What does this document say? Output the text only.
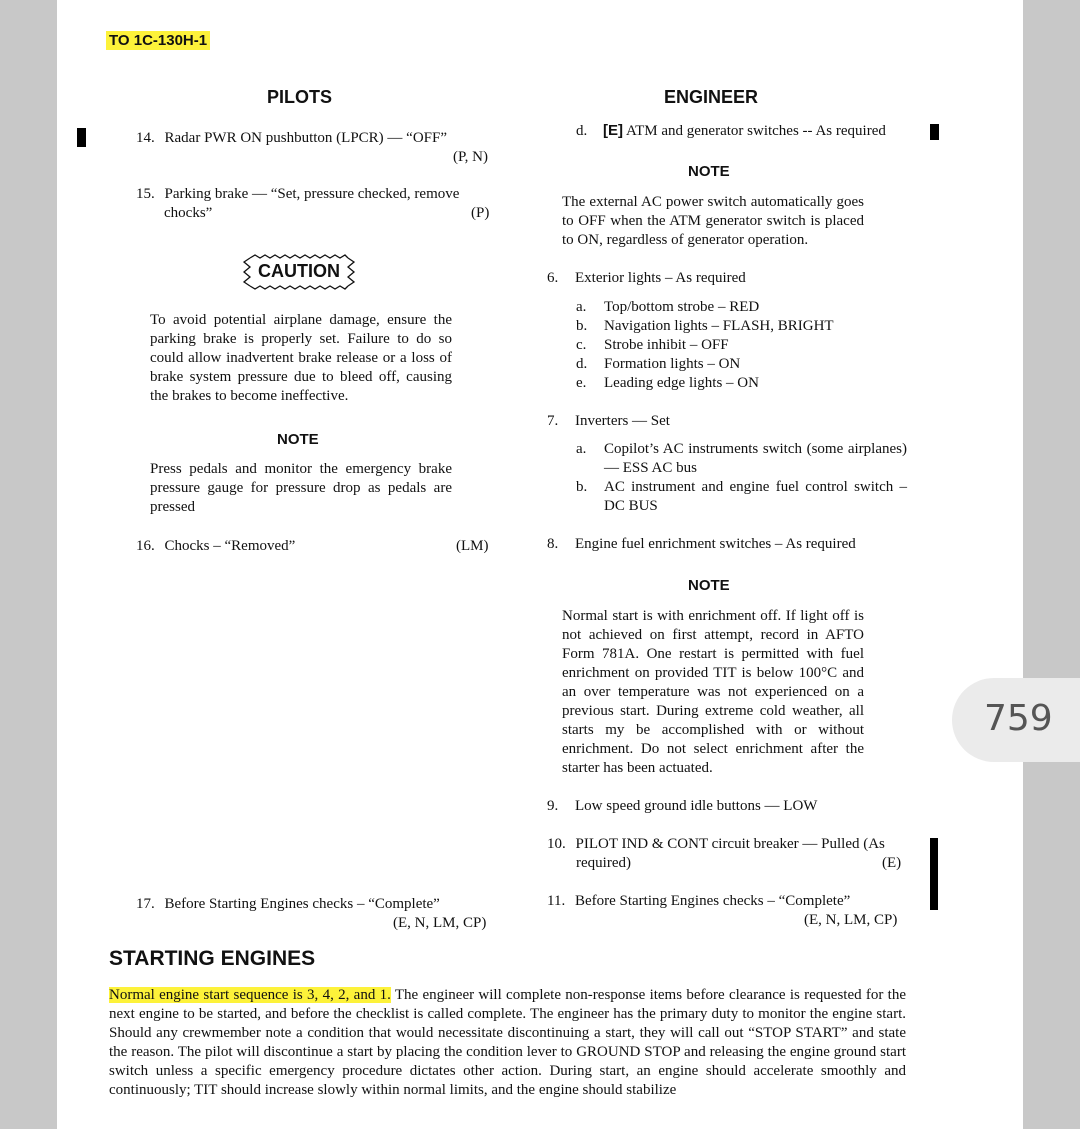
TO 1C-130H-1
PILOTS	ENGINEER
14. Radar PWR ON pushbutton (LPCR) — “OFF”
(P, N)
15. Parking brake — “Set, pressure checked, remove
chocks”	(P)
CAUTION
To avoid potential airplane damage, ensure the parking brake is properly set. Failure to do so could allow inadvertent brake release or a loss of brake system pressure due to bleed off, causing the brakes to become ineffective.
NOTE
Press pedals and monitor the emergency brake pressure gauge for pressure drop as pedals are pressed
16. Chocks – “Removed”	(LM)
17. Before Starting Engines checks – “Complete”
(E, N, LM, CP)
d. [E] ATM and generator switches -- As required
NOTE
The external AC power switch automatically goes to OFF when the ATM generator switch is placed to ON, regardless of generator operation.
6. Exterior lights – As required
a. Top/bottom strobe – RED
b. Navigation lights – FLASH, BRIGHT
c. Strobe inhibit – OFF
d. Formation lights – ON
e. Leading edge lights – ON
7. Inverters — Set
a.	Copilot’s AC instruments switch (some airplanes) — ESS AC bus
b.	AC instrument and engine fuel control switch – DC BUS
8. Engine fuel enrichment switches – As required
NOTE
Normal start is with enrichment off. If light off is not achieved on first attempt, record in AFTO Form 781A. One restart is permitted with fuel enrichment on provided TIT is below 100°C and an over temperature was not experienced on a previous start. During extreme cold weather, all starts my be accomplished with or without enrichment. Do not select enrichment after the starter has been actuated.
9. Low speed ground idle buttons — LOW
10. PILOT IND & CONT circuit breaker — Pulled (As
required)	(E)
11. Before Starting Engines checks – “Complete”
(E, N, LM, CP)
STARTING ENGINES
Normal engine start sequence is 3, 4, 2, and 1. The engineer will complete non-response items before clearance is requested for the next engine to be started, and before the checklist is called complete. The engineer has the primary duty to monitor the engine start. Should any crewmember note a condition that would necessitate discontinuing a start, they will call out “STOP START” and state the reason. The pilot will discontinue a start by placing the condition lever to GROUND STOP and releasing the engine ground start switch unless a specific emergency procedure dictates other action. During start, an engine should accelerate smoothly and continuously; TIT should increase slowly within normal limits, and the engine should stabilize
759
